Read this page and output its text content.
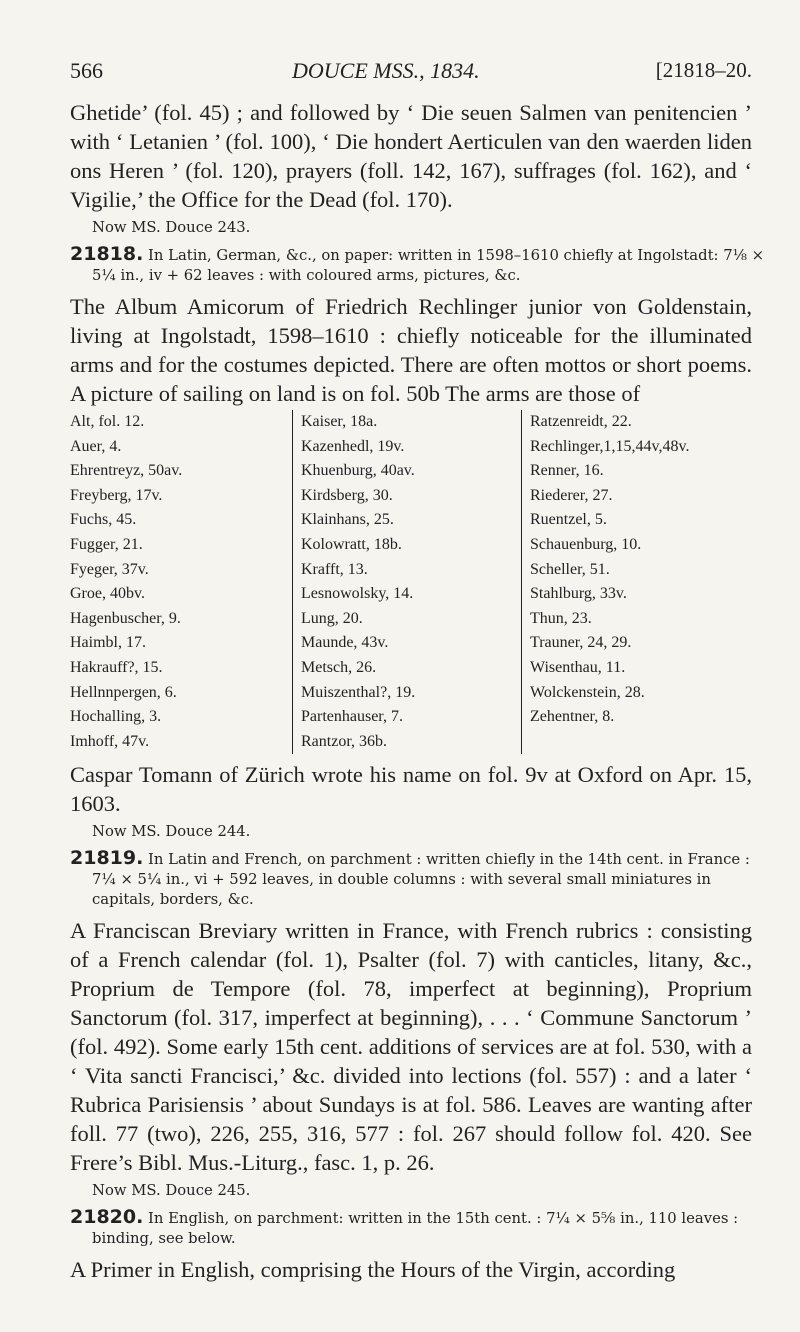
566	DOUCE MSS., 1834.	[21818–20.

Ghetide’ (fol. 45) ; and followed by ‘ Die seuen Salmen van penitencien ’ with ‘ Letanien ’ (fol. 100), ‘ Die hondert Aerticulen van den waerden liden ons Heren ’ (fol. 120), prayers (foll. 142, 167), suffrages (fol. 162), and ‘ Vigilie,’ the Office for the Dead (fol. 170).

Now MS. Douce 243.

21818. In Latin, German, &c., on paper: written in 1598–1610 chiefly at Ingolstadt: 7⅛ × 5¼ in., iv + 62 leaves : with coloured arms, pictures, &c.

The Album Amicorum of Friedrich Rechlinger junior von Goldenstain, living at Ingolstadt, 1598–1610 : chiefly noticeable for the illuminated arms and for the costumes depicted. There are often mottos or short poems. A picture of sailing on land is on fol. 50b The arms are those of

Alt, fol. 12.
Auer, 4.
Ehrentreyz, 50av.
Freyberg, 17v.
Fuchs, 45.
Fugger, 21.
Fyeger, 37v.
Groe, 40bv.
Hagenbuscher, 9.
Haimbl, 17.
Hakrauff?, 15.
Hellnnpergen, 6.
Hochalling, 3.
Imhoff, 47v.
Kaiser, 18a.
Kazenhedl, 19v.
Khuenburg, 40av.
Kirdsberg, 30.
Klainhans, 25.
Kolowratt, 18b.
Krafft, 13.
Lesnowolsky, 14.
Lung, 20.
Maunde, 43v.
Metsch, 26.
Muiszenthal?, 19.
Partenhauser, 7.
Rantzor, 36b.
Ratzenreidt, 22.
Rechlinger,1,15,44v,48v.
Renner, 16.
Riederer, 27.
Ruentzel, 5.
Schauenburg, 10.
Scheller, 51.
Stahlburg, 33v.
Thun, 23.
Trauner, 24, 29.
Wisenthau, 11.
Wolckenstein, 28.
Zehentner, 8.

Caspar Tomann of Zürich wrote his name on fol. 9v at Oxford on Apr. 15, 1603.

Now MS. Douce 244.

21819. In Latin and French, on parchment : written chiefly in the 14th cent. in France : 7¼ × 5¼ in., vi + 592 leaves, in double columns : with several small miniatures in capitals, borders, &c.

A Franciscan Breviary written in France, with French rubrics : consisting of a French calendar (fol. 1), Psalter (fol. 7) with canticles, litany, &c., Proprium de Tempore (fol. 78, imperfect at beginning), Proprium Sanctorum (fol. 317, imperfect at beginning), . . . ‘ Commune Sanctorum ’ (fol. 492). Some early 15th cent. additions of services are at fol. 530, with a ‘ Vita sancti Francisci,’ &c. divided into lections (fol. 557) : and a later ‘ Rubrica Parisiensis ’ about Sundays is at fol. 586. Leaves are wanting after foll. 77 (two), 226, 255, 316, 577 : fol. 267 should follow fol. 420. See Frere’s Bibl. Mus.-Liturg., fasc. 1, p. 26.

Now MS. Douce 245.

21820. In English, on parchment: written in the 15th cent. : 7¼ × 5⅝ in., 110 leaves : binding, see below.

A Primer in English, comprising the Hours of the Virgin, according
